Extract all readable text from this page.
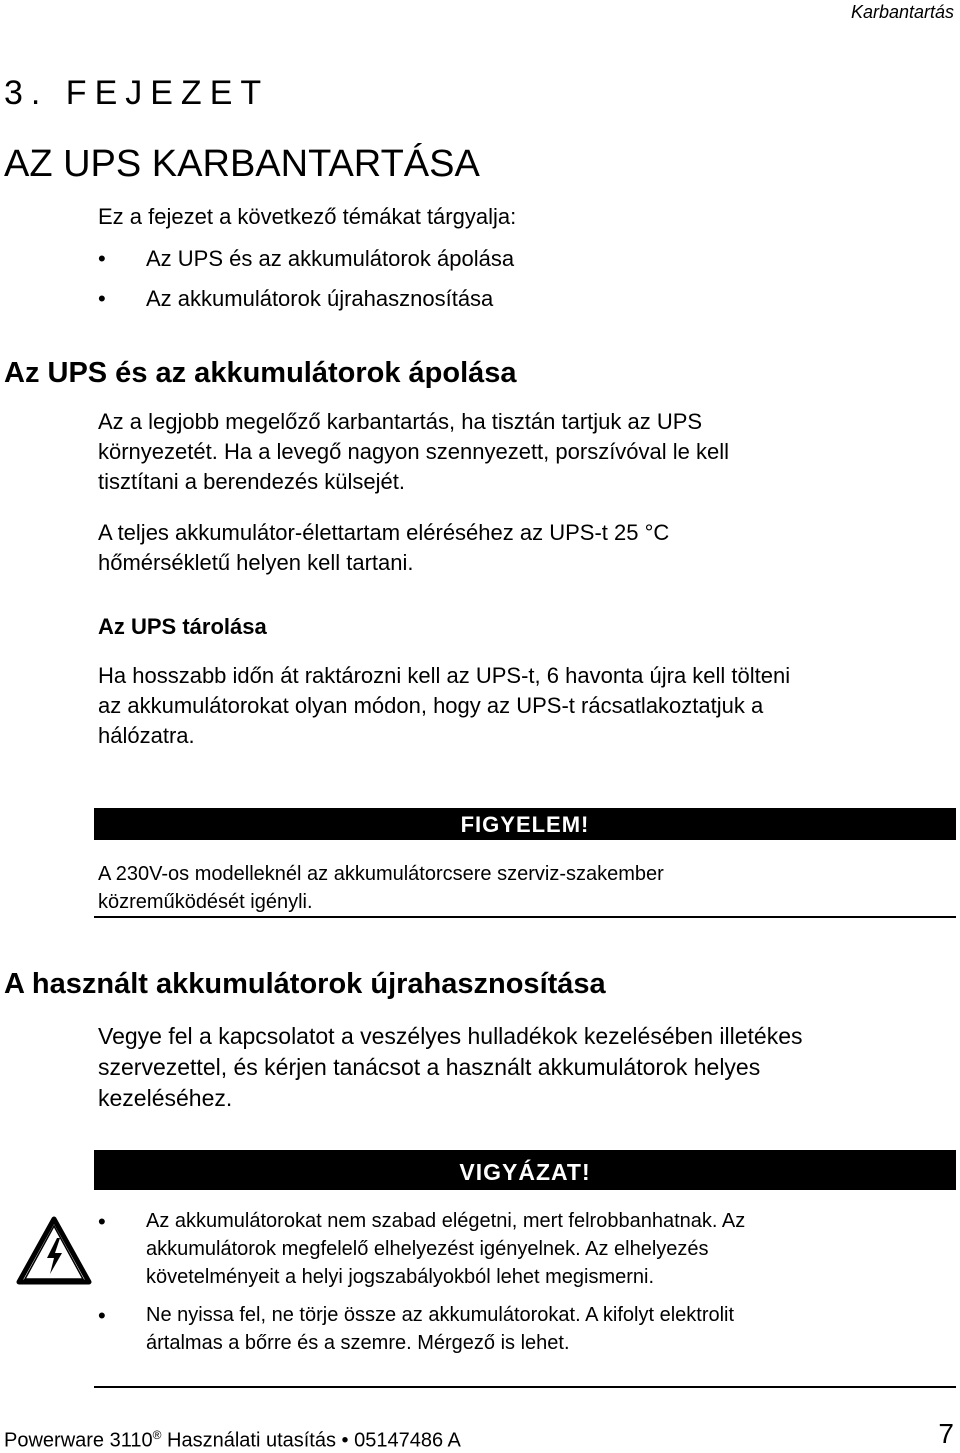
Karbantartás
3. FEJEZET
AZ UPS KARBANTARTÁSA
Ez a fejezet a következő témákat tárgyalja:
• Az UPS és az akkumulátorok ápolása
• Az akkumulátorok újrahasznosítása
Az UPS és az akkumulátorok ápolása
Az a legjobb megelőző karbantartás, ha tisztán tartjuk az UPS
környezetét. Ha a levegő nagyon szennyezett, porszívóval le kell
tisztítani a berendezés külsejét.
A teljes akkumulátor-élettartam eléréséhez az UPS-t 25 °C
hőmérsékletű helyen kell tartani.
Az UPS tárolása
Ha hosszabb időn át raktározni kell az UPS-t, 6 havonta újra kell tölteni
az akkumulátorokat olyan módon, hogy az UPS-t rácsatlakoztatjuk a
hálózatra.
FIGYELEM!
A 230V-os modelleknél az akkumulátorcsere szerviz-szakember
közreműködését igényli.
A használt akkumulátorok újrahasznosítása
Vegye fel a kapcsolatot a veszélyes hulladékok kezelésében illetékes
szervezettel, és kérjen tanácsot a használt akkumulátorok helyes
kezeléséhez.
VIGYÁZAT!
• Az akkumulátorokat nem szabad elégetni, mert felrobbanhatnak. Az
akkumulátorok megfelelő elhelyezést igényelnek. Az elhelyezés
követelményeit a helyi jogszabályokból lehet megismerni.
• Ne nyissa fel, ne törje össze az akkumulátorokat. A kifolyt elektrolit
ártalmas a bőrre és a szemre. Mérgező is lehet.
Powerware 3110® Használati utasítás • 05147486 A	7
